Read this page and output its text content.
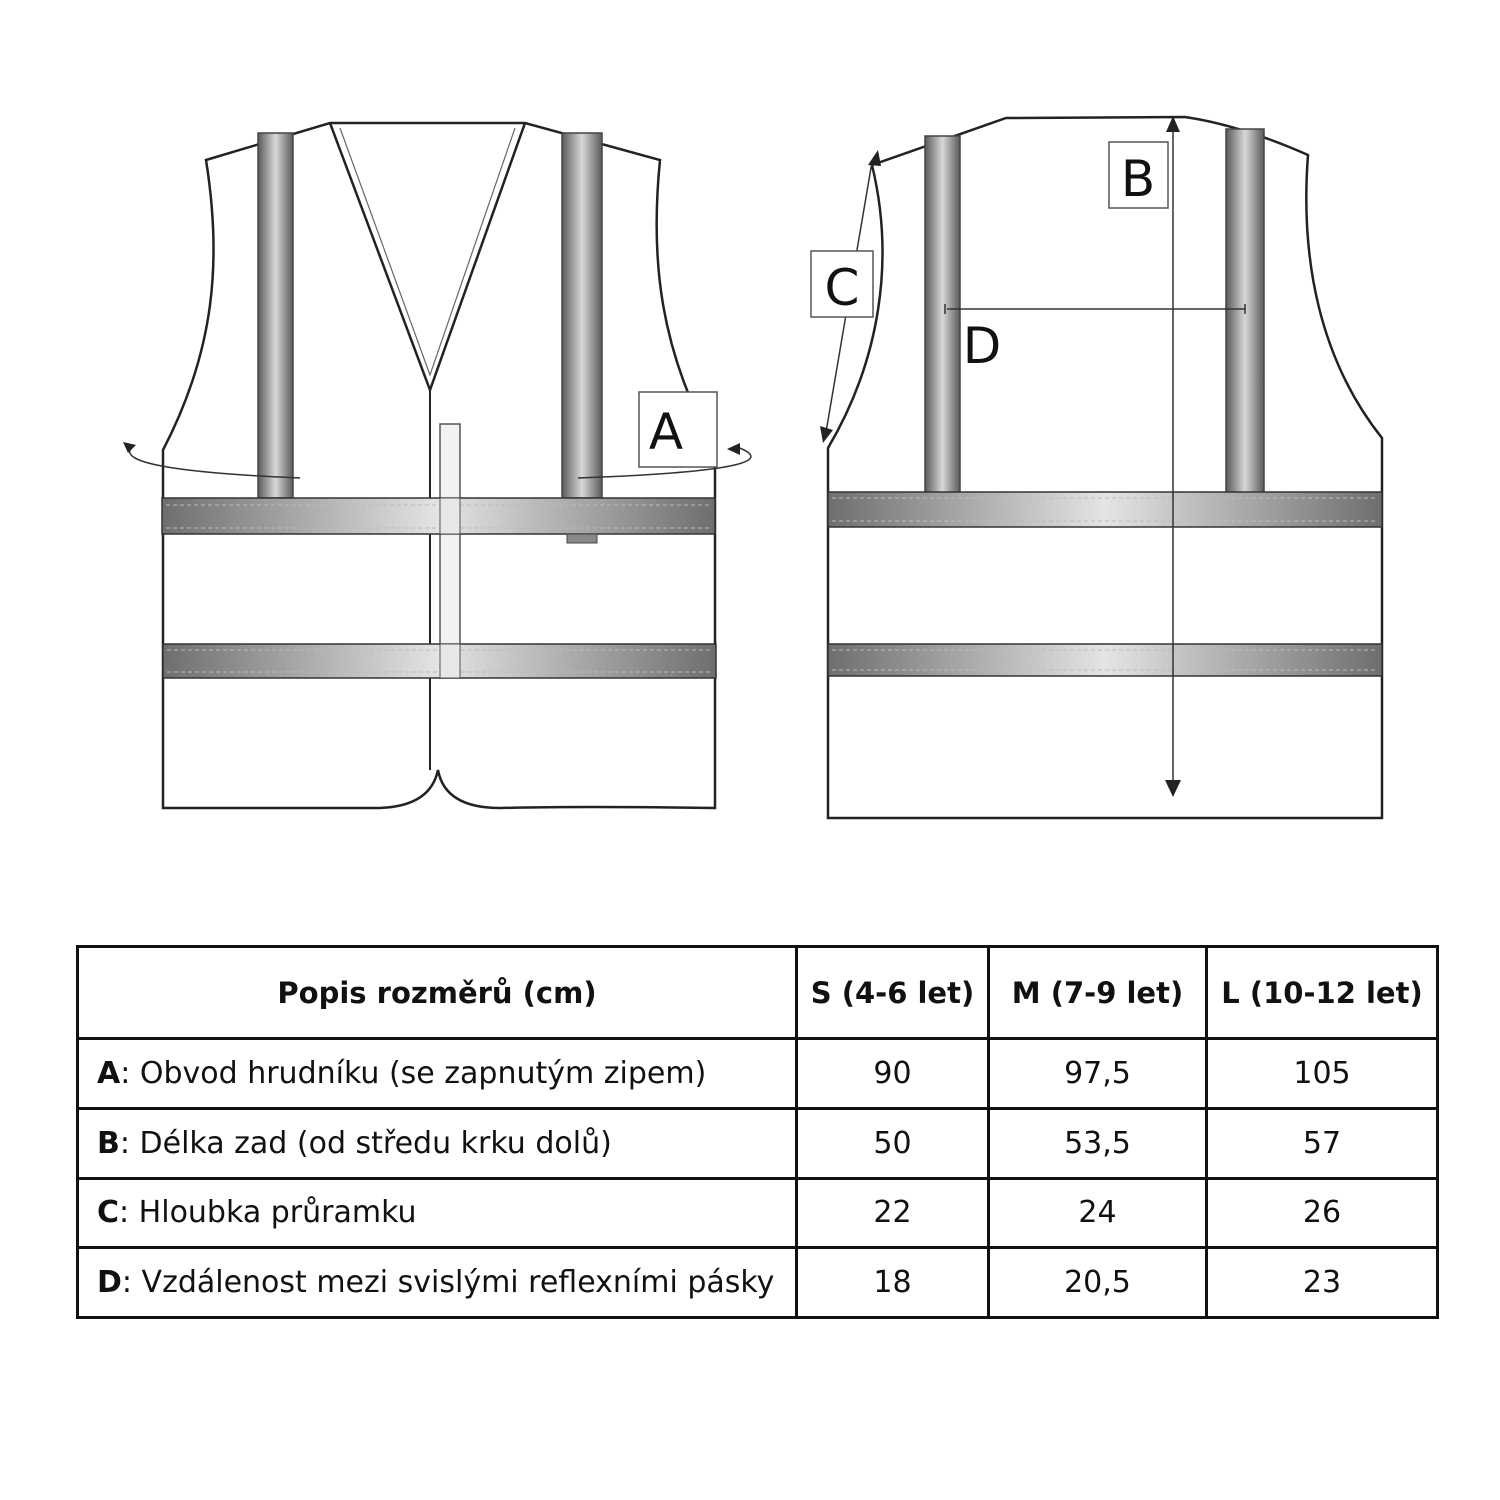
A
B
C
D
Popis rozměrů (cm)	S (4-6 let)	M (7-9 let)	L (10-12 let)
A: Obvod hrudníku (se zapnutým zipem)	90	97,5	105
B: Délka zad (od středu krku dolů)	50	53,5	57
C: Hloubka průramku	22	24	26
D: Vzdálenost mezi svislými reflexními pásky	18	20,5	23
